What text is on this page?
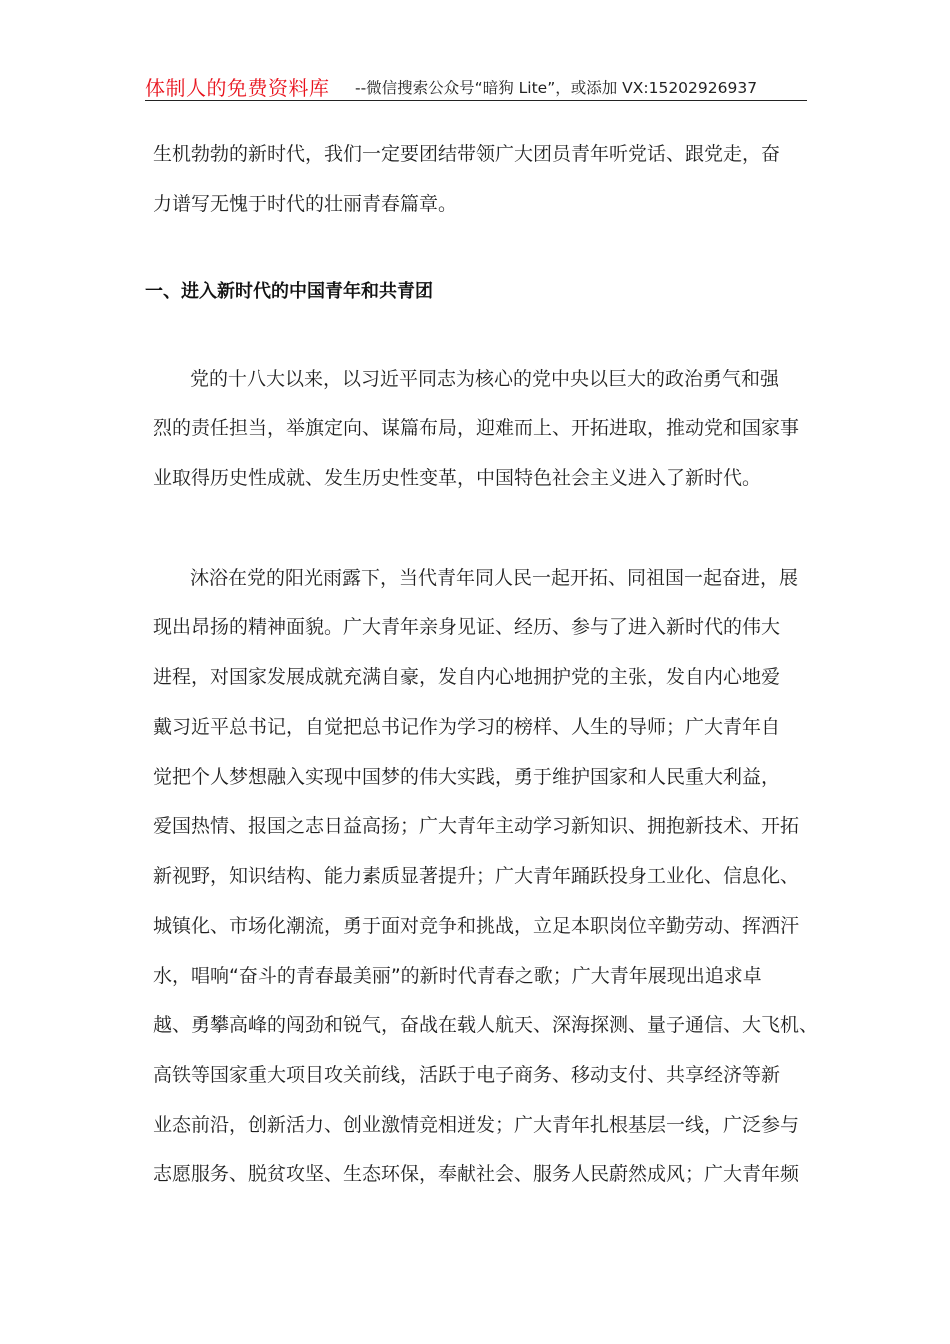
体制人的免费资料库 --微信搜索公众号“暗狗 Lite”，或添加 VX:15202926937
生机勃勃的新时代，我们一定要团结带领广大团员青年听党话、跟党走，奋
力谱写无愧于时代的壮丽青春篇章。
一、进入新时代的中国青年和共青团
党的十八大以来，以习近平同志为核心的党中央以巨大的政治勇气和强
烈的责任担当，举旗定向、谋篇布局，迎难而上、开拓进取，推动党和国家事
业取得历史性成就、发生历史性变革，中国特色社会主义进入了新时代。
沐浴在党的阳光雨露下，当代青年同人民一起开拓、同祖国一起奋进，展
现出昂扬的精神面貌。广大青年亲身见证、经历、参与了进入新时代的伟大
进程，对国家发展成就充满自豪，发自内心地拥护党的主张，发自内心地爱
戴习近平总书记，自觉把总书记作为学习的榜样、人生的导师；广大青年自
觉把个人梦想融入实现中国梦的伟大实践，勇于维护国家和人民重大利益，
爱国热情、报国之志日益高扬；广大青年主动学习新知识、拥抱新技术、开拓
新视野，知识结构、能力素质显著提升；广大青年踊跃投身工业化、信息化、
城镇化、市场化潮流，勇于面对竞争和挑战，立足本职岗位辛勤劳动、挥洒汗
水，唱响“奋斗的青春最美丽”的新时代青春之歌；广大青年展现出追求卓
越、勇攀高峰的闯劲和锐气，奋战在载人航天、深海探测、量子通信、大飞机、
高铁等国家重大项目攻关前线，活跃于电子商务、移动支付、共享经济等新
业态前沿，创新活力、创业激情竞相迸发；广大青年扎根基层一线，广泛参与
志愿服务、脱贫攻坚、生态环保，奉献社会、服务人民蔚然成风；广大青年频
